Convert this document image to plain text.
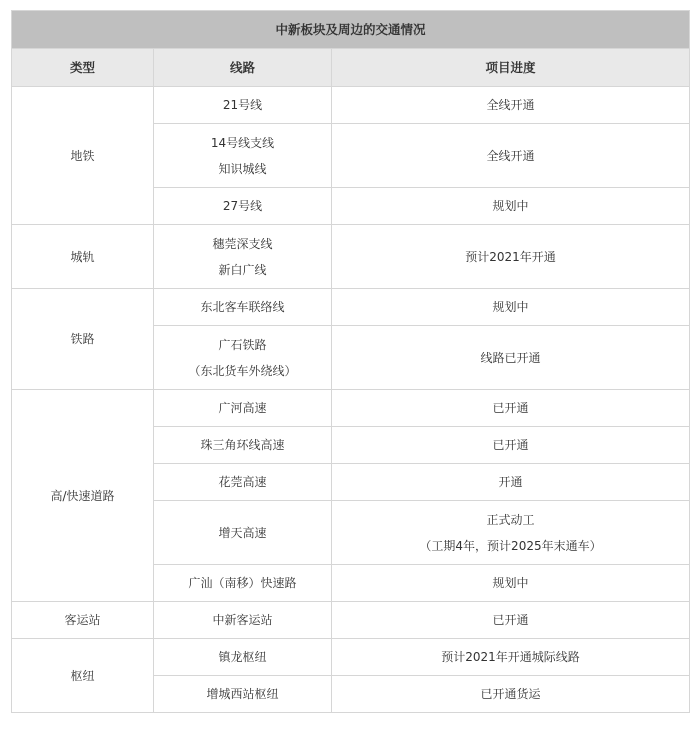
中新板块及周边的交通情况		
类型	线路	项目进度
地铁	21号线	全线开通

	14号线支线
知识城线	全线开通

	27号线	规划中

城轨	穗莞深支线
新白广线	预计2021年开通

铁路	东北客车联络线	规划中

	广石铁路
（东北货车外绕线）	线路已开通

高/快速道路	广河高速	已开通

	珠三角环线高速	已开通

	花莞高速	开通

	增天高速	正式动工
（工期4年，预计2025年末通车）

	广汕（南移）快速路	规划中

客运站	中新客运站	已开通

枢纽	镇龙枢纽	预计2021年开通城际线路

	增城西站枢纽	已开通货运
